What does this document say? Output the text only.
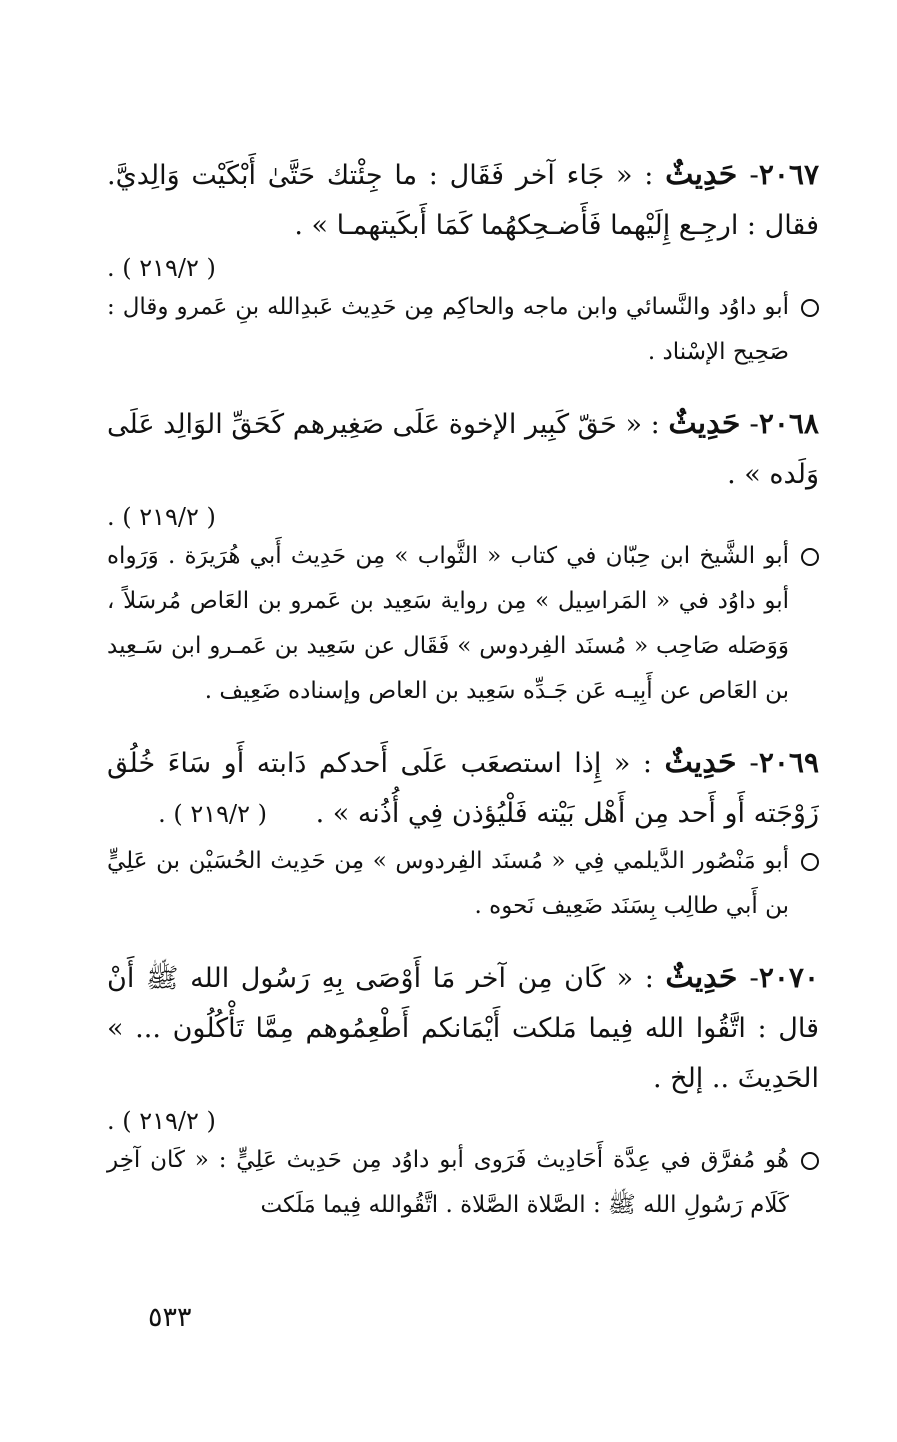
٢٠٦٧- حَدِيثٌ : « جَاء آخر فَقَال : ما جِئْتك حَتَّىٰ أَبْكَيْت وَالِديَّ. فقال : ارجِـع إِلَيْهما فَأَضـحِكهُما كَمَا أَبكَيتهمـا » .

( ٢١٩/٢ ) .

أبو داوُد والنَّسائي وابن ماجه والحاكِم مِن حَدِيث عَبدِالله بنِ عَمرو وقال : صَحِيح الإسْناد .

٢٠٦٨- حَدِيثٌ : « حَقّ كَبِير الإخوة عَلَى صَغِيرهم كَحَقِّ الوَالِد عَلَى وَلَده » .

( ٢١٩/٢ ) .

أبو الشَّيخ ابن حِبّان في كتاب « الثَّواب » مِن حَدِيث أَبي هُرَيرَة . وَرَواه أبو داوُد في « المَراسِيل » مِن رواية سَعِيد بن عَمرو بن العَاص مُرسَلاً ، وَوَصَله صَاحِب « مُسنَد الفِردوس » فَقَال عن سَعِيد بن عَمـرو ابن سَـعِيد بن العَاص عن أَبِيـه عَن جَـدِّه سَعِيد بن العاص وإسناده ضَعِيف .

٢٠٦٩- حَدِيثٌ : « إِذا استصعَب عَلَى أَحدكم دَابته أَو سَاءَ خُلُق زَوْجَته أَو أَحد مِن أَهْل بَيْته فَلْيُؤذن فِي أُذُنه » . ( ٢١٩/٢ ) .

أبو مَنْصُور الدَّيلمي فِي « مُسنَد الفِردوس » مِن حَدِيث الحُسَيْن بن عَلِيٍّ بن أَبي طالِب بِسَنَد ضَعِيف نَحوه .

٢٠٧٠- حَدِيثٌ : « كَان مِن آخر مَا أَوْصَى بِهِ رَسُول الله ﷺ أَنْ قال : اتَّقُوا الله فِيما مَلكت أَيْمَانكم أَطْعِمُوهم مِمَّا تَأْكُلُون ... » الحَدِيثَ .. إلخ .

( ٢١٩/٢ ) .

هُو مُفرَّق في عِدَّة أَحَادِيث فَرَوى أبو داوُد مِن حَدِيث عَلِيٍّ : « كَان آخِر كَلَام رَسُولِ الله ﷺ : الصَّلاة الصَّلاة . اتَّقُوالله فِيما مَلَكت

٥٣٣
